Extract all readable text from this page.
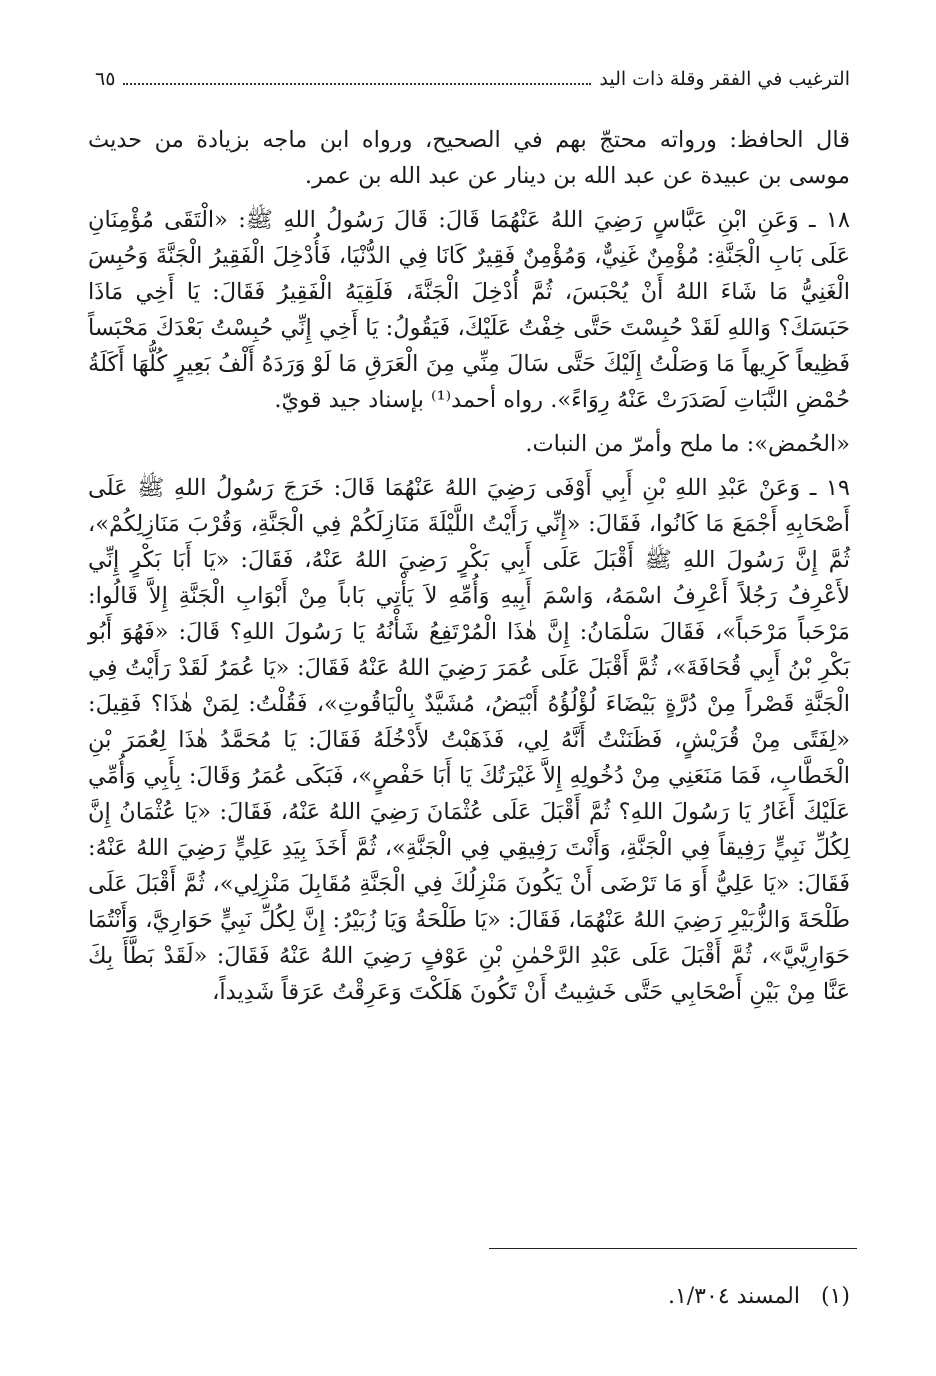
الترغيب في الفقر وقلة ذات اليد
٦٥

قال الحافظ: ورواته محتجّ بهم في الصحيح، ورواه ابن ماجه بزيادة من حديث موسى بن عبيدة عن عبد الله بن دينار عن عبد الله بن عمر.

١٨ ـ وَعَنِ ابْنِ عَبَّاسٍ رَضِيَ اللهُ عَنْهُمَا قَالَ: قَالَ رَسُولُ اللهِ ﷺ: «الْتَقَى مُؤْمِنَانِ عَلَى بَابِ الْجَنَّةِ: مُؤْمِنٌ غَنِيٌّ، وَمُؤْمِنٌ فَقِيرٌ كَانَا فِي الدُّنْيَا، فَأُدْخِلَ الْفَقِيرُ الْجَنَّةَ وَحُبِسَ الْغَنِيُّ مَا شَاءَ اللهُ أَنْ يُحْبَسَ، ثُمَّ أُدْخِلَ الْجَنَّةَ، فَلَقِيَهُ الْفَقِيرُ فَقَالَ: يَا أَخِي مَاذَا حَبَسَكَ؟ وَاللهِ لَقَدْ حُبِسْتَ حَتَّى خِفْتُ عَلَيْكَ، فَيَقُولُ: يَا أَخِي إِنِّي حُبِسْتُ بَعْدَكَ مَحْبَساً فَظِيعاً كَرِيهاً مَا وَصَلْتُ إِلَيْكَ حَتَّى سَالَ مِنِّي مِنَ الْعَرَقِ مَا لَوْ وَرَدَهُ أَلْفُ بَعِيرٍ كُلُّهَا أَكَلَةُ حُمْضِ النَّبَاتِ لَصَدَرَتْ عَنْهُ رِوَاءً». رواه أحمد⁽¹⁾ بإسناد جيد قويّ.

«الحُمض»: ما ملح وأمرّ من النبات.

١٩ ـ وَعَنْ عَبْدِ اللهِ بْنِ أَبِي أَوْفَى رَضِيَ اللهُ عَنْهُمَا قَالَ: خَرَجَ رَسُولُ اللهِ ﷺ عَلَى أَصْحَابِهِ أَجْمَعَ مَا كَانُوا، فَقَالَ: «إِنِّي رَأَيْتُ اللَّيْلَةَ مَنَازِلَكُمْ فِي الْجَنَّةِ، وَقُرْبَ مَنَازِلِكُمْ»، ثُمَّ إِنَّ رَسُولَ اللهِ ﷺ أَقْبَلَ عَلَى أَبِي بَكْرٍ رَضِيَ اللهُ عَنْهُ، فَقَالَ: «يَا أَبَا بَكْرٍ إِنِّي لأَعْرِفُ رَجُلاً أَعْرِفُ اسْمَهُ، وَاسْمَ أَبِيهِ وَأُمِّهِ لاَ يَأْتِي بَاباً مِنْ أَبْوَابِ الْجَنَّةِ إِلاَّ قَالُوا: مَرْحَباً مَرْحَباً»، فَقَالَ سَلْمَانُ: إِنَّ هٰذَا الْمُرْتَفِعُ شَأْنُهُ يَا رَسُولَ اللهِ؟ قَالَ: «فَهُوَ أَبُو بَكْرِ بْنُ أَبِي قُحَافَةَ»، ثُمَّ أَقْبَلَ عَلَى عُمَرَ رَضِيَ اللهُ عَنْهُ فَقَالَ: «يَا عُمَرُ لَقَدْ رَأَيْتُ فِي الْجَنَّةِ قَصْراً مِنْ دُرَّةٍ بَيْضَاءَ لُؤْلُؤُهُ أَبْيَضُ، مُشَيَّدٌ بِالْيَاقُوتِ»، فَقُلْتُ: لِمَنْ هٰذَا؟ فَقِيلَ: «لِفَتًى مِنْ قُرَيْشٍ، فَظَنَنْتُ أَنَّهُ لِي، فَذَهَبْتُ لأَدْخُلَهُ فَقَالَ: يَا مُحَمَّدُ هٰذَا لِعُمَرَ بْنِ الْخَطَّابِ، فَمَا مَنَعَنِي مِنْ دُخُولِهِ إِلاَّ غَيْرَتُكَ يَا أَبَا حَفْصٍ»، فَبَكَى عُمَرُ وَقَالَ: بِأَبِي وَأُمِّي عَلَيْكَ أَغَارُ يَا رَسُولَ اللهِ؟ ثُمَّ أَقْبَلَ عَلَى عُثْمَانَ رَضِيَ اللهُ عَنْهُ، فَقَالَ: «يَا عُثْمَانُ إِنَّ لِكُلِّ نَبِيٍّ رَفِيقاً فِي الْجَنَّةِ، وَأَنْتَ رَفِيقِي فِي الْجَنَّةِ»، ثُمَّ أَخَذَ بِيَدِ عَلِيٍّ رَضِيَ اللهُ عَنْهُ: فَقَالَ: «يَا عَلِيُّ أَوَ مَا تَرْضَى أَنْ يَكُونَ مَنْزِلُكَ فِي الْجَنَّةِ مُقَابِلَ مَنْزِلِي»، ثُمَّ أَقْبَلَ عَلَى طَلْحَةَ وَالزُّبَيْرِ رَضِيَ اللهُ عَنْهُمَا، فَقَالَ: «يَا طَلْحَةُ وَيَا زُبَيْرُ: إِنَّ لِكُلِّ نَبِيٍّ حَوَارِيَّ، وَأَنْتُمَا حَوَارِيَّيَّ»، ثُمَّ أَقْبَلَ عَلَى عَبْدِ الرَّحْمٰنِ بْنِ عَوْفٍ رَضِيَ اللهُ عَنْهُ فَقَالَ: «لَقَدْ بَطَّأَ بِكَ عَنَّا مِنْ بَيْنِ أَصْحَابِي حَتَّى خَشِيتُ أَنْ تَكُونَ هَلَكْتَ وَعَرِقْتُ عَرَقاً شَدِيداً،

(١) المسند ١/٣٠٤.
